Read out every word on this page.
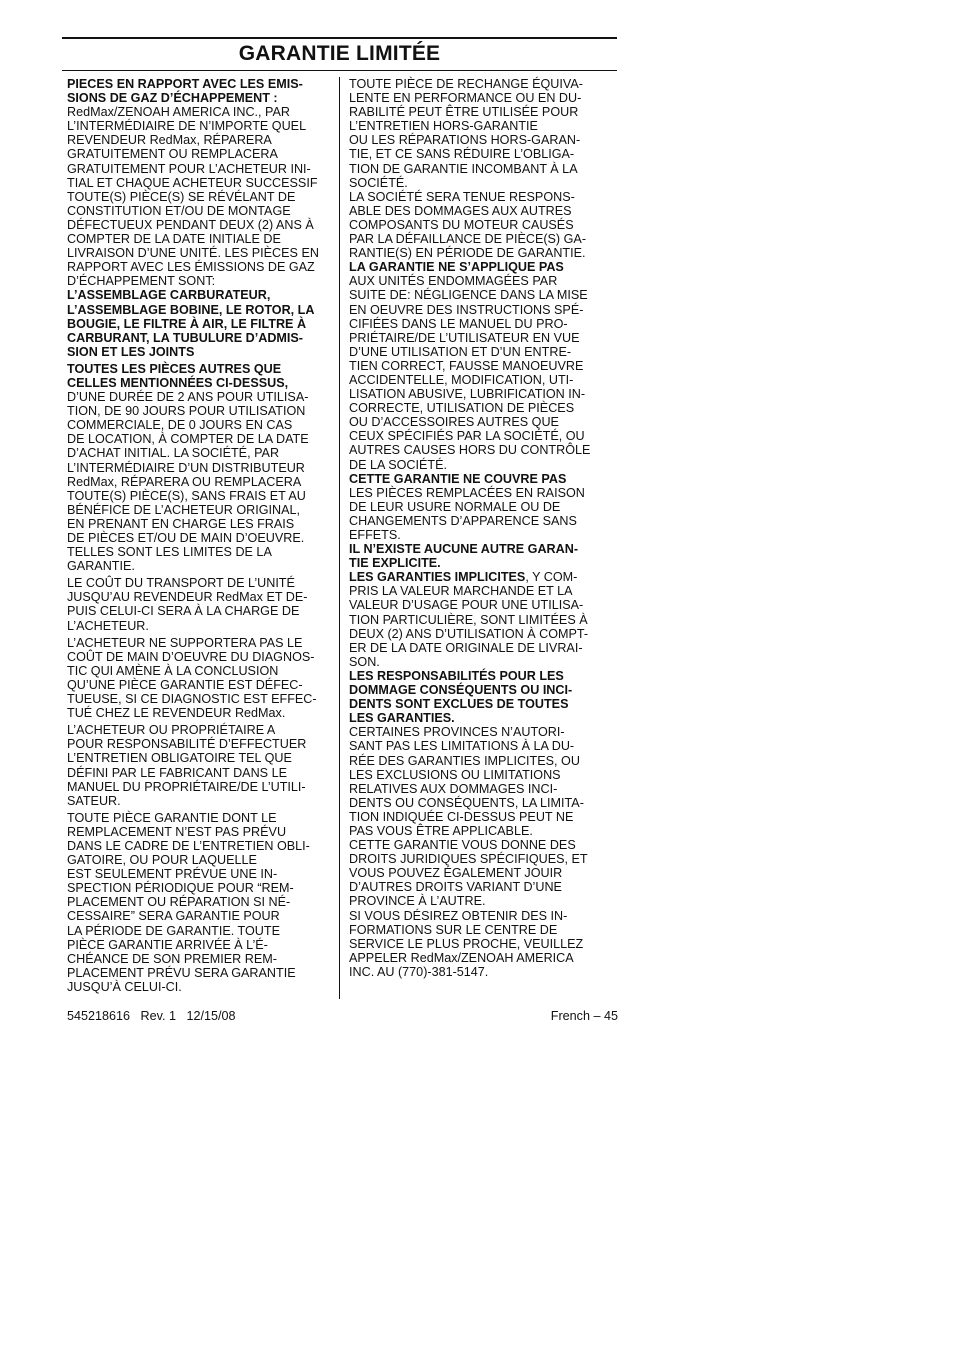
GARANTIE LIMITÉE

PIECES EN RAPPORT AVEC LES EMIS-
SIONS DE GAZ D’ÉCHAPPEMENT :

RedMax/ZENOAH AMERICA INC., PAR
L’INTERMÉDIAIRE DE N’IMPORTE QUEL
REVENDEUR RedMax, RÉPARERA
GRATUITEMENT OU REMPLACERA
GRATUITEMENT POUR L’ACHETEUR INI-
TIAL ET CHAQUE ACHETEUR SUCCESSIF
TOUTE(S) PIÈCE(S) SE RÉVÉLANT DE
CONSTITUTION ET/OU DE MONTAGE
DÉFECTUEUX PENDANT DEUX (2) ANS À
COMPTER DE LA DATE INITIALE DE
LIVRAISON D’UNE UNITÉ. LES PIÈCES EN
RAPPORT AVEC LES ÉMISSIONS DE GAZ
D’ÉCHAPPEMENT SONT:

L’ASSEMBLAGE CARBURATEUR,
L’ASSEMBLAGE BOBINE, LE ROTOR, LA
BOUGIE, LE FILTRE À AIR, LE FILTRE À
CARBURANT, LA TUBULURE D’ADMIS-
SION ET LES JOINTS

TOUTES LES PIÈCES AUTRES QUE
CELLES MENTIONNÉES CI-DESSUS,

D’UNE DURÉE DE 2 ANS POUR UTILISA-
TION, DE 90 JOURS POUR UTILISATION
COMMERCIALE, DE 0 JOURS EN CAS
DE LOCATION, À COMPTER DE LA DATE
D’ACHAT INITIAL. LA SOCIÉTÉ, PAR
L’INTERMÉDIAIRE D’UN DISTRIBUTEUR
RedMax, RÉPARERA OU REMPLACERA
TOUTE(S) PIÈCE(S), SANS FRAIS ET AU
BÉNÉFICE DE L’ACHETEUR ORIGINAL,
EN PRENANT EN CHARGE LES FRAIS
DE PIÈCES ET/OU DE MAIN D’OEUVRE.
TELLES SONT LES LIMITES DE LA
GARANTIE.

LE COÛT DU TRANSPORT DE L’UNITÉ
JUSQU’AU REVENDEUR RedMax ET DE-
PUIS CELUI-CI SERA À LA CHARGE DE
L’ACHETEUR.

L’ACHETEUR NE SUPPORTERA PAS LE
COÛT DE MAIN D’OEUVRE DU DIAGNOS-
TIC QUI AMÈNE À LA CONCLUSION
QU’UNE PIÈCE GARANTIE EST DÉFEC-
TUEUSE, SI CE DIAGNOSTIC EST EFFEC-
TUÉ CHEZ LE REVENDEUR RedMax.

L’ACHETEUR OU PROPRIÉTAIRE A
POUR RESPONSABILITÉ D’EFFECTUER
L’ENTRETIEN OBLIGATOIRE TEL QUE
DÉFINI PAR LE FABRICANT DANS LE
MANUEL DU PROPRIÉTAIRE/DE L’UTILI-
SATEUR.

TOUTE PIÈCE GARANTIE DONT LE
REMPLACEMENT N’EST PAS PRÉVU
DANS LE CADRE DE L’ENTRETIEN OBLI-
GATOIRE, OU POUR LAQUELLE
EST SEULEMENT PRÉVUE UNE IN-
SPECTION PÉRIODIQUE POUR “REM-
PLACEMENT OU RÉPARATION SI NÉ-
CESSAIRE” SERA GARANTIE POUR
LA PÉRIODE DE GARANTIE. TOUTE
PIÈCE GARANTIE ARRIVÉE À L’É-
CHÉANCE DE SON PREMIER REM-
PLACEMENT PRÉVU SERA GARANTIE
JUSQU’À CELUI-CI.

TOUTE PIÈCE DE RECHANGE ÉQUIVA-
LENTE EN PERFORMANCE OU EN DU-
RABILITÉ PEUT ÊTRE UTILISÉE POUR
L’ENTRETIEN HORS-GARANTIE
OU LES RÉPARATIONS HORS-GARAN-
TIE, ET CE SANS RÉDUIRE L’OBLIGA-
TION DE GARANTIE INCOMBANT À LA
SOCIÉTÉ.

LA SOCIÉTÉ SERA TENUE RESPONS-
ABLE DES DOMMAGES AUX AUTRES
COMPOSANTS DU MOTEUR CAUSÉS
PAR LA DÉFAILLANCE DE PIÈCE(S) GA-
RANTIE(S) EN PÉRIODE DE GARANTIE.

LA GARANTIE NE S’APPLIQUE PAS

AUX UNITÉS ENDOMMAGÉES PAR
SUITE DE: NÉGLIGENCE DANS LA MISE
EN OEUVRE DES INSTRUCTIONS SPÉ-
CIFIÉES DANS LE MANUEL DU PRO-
PRIÉTAIRE/DE L’UTILISATEUR EN VUE
D’UNE UTILISATION ET D’UN ENTRE-
TIEN CORRECT, FAUSSE MANOEUVRE
ACCIDENTELLE, MODIFICATION, UTI-
LISATION ABUSIVE, LUBRIFICATION IN-
CORRECTE, UTILISATION DE PIÈCES
OU D’ACCESSOIRES AUTRES QUE
CEUX SPÉCIFIÉS PAR LA SOCIÉTÉ, OU
AUTRES CAUSES HORS DU CONTRÔLE
DE LA SOCIÉTÉ.

CETTE GARANTIE NE COUVRE PAS

LES PIÈCES REMPLACÉES EN RAISON
DE LEUR USURE NORMALE OU DE
CHANGEMENTS D’APPARENCE SANS
EFFETS.

IL N’EXISTE AUCUNE AUTRE GARAN-
TIE EXPLICITE.

LES GARANTIES IMPLICITES, Y COM-
PRIS LA VALEUR MARCHANDE ET LA
VALEUR D’USAGE POUR UNE UTILISA-
TION PARTICULIÈRE, SONT LIMITÉES À
DEUX (2) ANS D’UTILISATION À COMPT-
ER DE LA DATE ORIGINALE DE LIVRAI-
SON.

LES RESPONSABILITÉS POUR LES
DOMMAGE CONSÉQUENTS OU INCI-
DENTS SONT EXCLUES DE TOUTES
LES GARANTIES.

CERTAINES PROVINCES N’AUTORI-
SANT PAS LES LIMITATIONS À LA DU-
RÉE DES GARANTIES IMPLICITES, OU
LES EXCLUSIONS OU LIMITATIONS
RELATIVES AUX DOMMAGES INCI-
DENTS OU CONSÉQUENTS, LA LIMITA-
TION INDIQUÉE CI-DESSUS PEUT NE
PAS VOUS ÊTRE APPLICABLE.

CETTE GARANTIE VOUS DONNE DES
DROITS JURIDIQUES SPÉCIFIQUES, ET
VOUS POUVEZ ÉGALEMENT JOUIR
D’AUTRES DROITS VARIANT D’UNE
PROVINCE À L’AUTRE.

SI VOUS DÉSIREZ OBTENIR DES IN-
FORMATIONS SUR LE CENTRE DE
SERVICE LE PLUS PROCHE, VEUILLEZ
APPELER RedMax/ZENOAH AMERICA
INC. AU (770)-381-5147.

545218616   Rev. 1   12/15/08	French – 45
